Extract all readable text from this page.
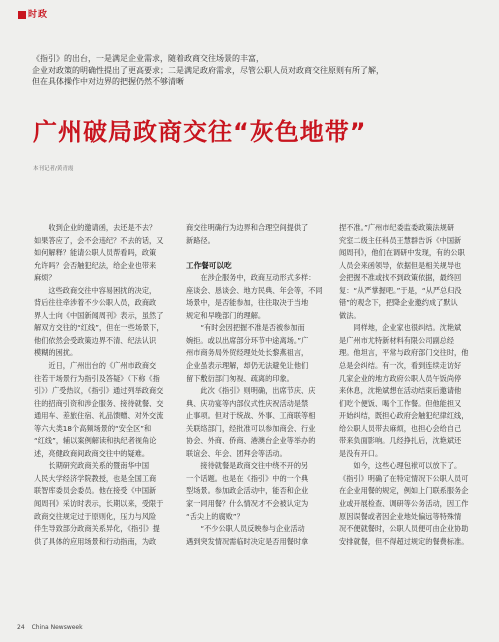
时政
《指引》的出台，一是满足企业需求，随着政商交往场景的丰富，
企业对政策的明确性提出了更高要求；二是满足政府需求，尽管公职人员对政商交往原则有所了解，
但在具体操作中对边界的把握仍然不够清晰
广州破局政商交往“灰色地带”
本刊记者/黄青霞

　　收到企业的邀请函，去还是不去？

如果答应了，会不会违纪？不去的话，又

如何解释？能请公职人员帮看吗，政策

允许吗？会否触犯纪法，给企业也带来

麻烦？

　　这些政商交往中容易困扰的决定，

背后往往牵涉着不少公职人员，政商政

界人士向《中国新闻周刊》表示，虽然了

解双方交往的“红线”，但在一些场景下，

他们依然会受政策边界不清、纪法认识

模糊的困扰。

　　近日，广州出台的《广州市政商交

往若干场景行为指引及答疑》（下称《指

引》）广受热议，《指引》通过列举政商交

往的招商引资和涉企服务、接待就餐、交

通用车、差旅住宿、礼品馈赠、对外交流

等六大类18个高频场景的“安全区”和

“红线”，辅以案例解读和执纪者视角论

述，亮健政商间政商交往中的疑难。

　　长期研究政商关系的暨南华中国

人民大学经济学院教授，也是全国工商

联智库委员会委员。他在接受《中国新

闻周刊》采访时表示，长期以来，受限于

政商交往规定过于原则化，压力与风险

伴生导致部分政商关系异化，《指引》提

供了具体的应用场景和行动指南，为政

商交往明确行为边界和合理空间提供了

新路径。

工作餐可以吃

　　在涉企服务中，政商互动形式多样：

座谈会、恳谈会、地方民典、年会等，不同

场景中，是否能参加，往往取决于当地

规定和早晚部门的理解。

　　“有时会因把握不准是否被参加而

婉拒。或以出席部分环节中途离场。”广

州市商务局外贸经理处处长黎燕祖言，

企业虽表示理解，却仍无法避免让他们

留下敷衍部门匆视、疏离的印象。

　　此次《指引》则明确，出席节庆、庆

典、庆功宴等内部仪式性庆祝活动是禁

止事项。但对于统战、外事、工商联等相

关联络部门，经批准可以参加商会、行业

协会、外商、侨商、港澳台企业等举办的

联谊会、年会、团拜会等活动。

　　接待就餐是政商交往中绕不开的另

一个话题。也是在《指引》中的一个典

型场景。参加政企活动中，能否和企业

家一同用餐？什么情况才不会被认定为

“舌尖上的腐败”？

　　“不少公职人员反映参与企业活动

遇到突发情况需临时决定是否用餐时拿

捏不准。”广州市纪委监委政策法规研

究室二级主任科员王慧群告诉《中国新

闻周刊》，他们在调研中发现，有的公职

人员会来函领导，依据但是相关规导也

会把握不准或找不到政策依据，最终回

复：“从严掌握吧。”于是，“从严总归没

错”的观念下，把降企业邀约成了默认

做法。

　　同样地，企业家也很纠结。沈艳斌

是广州市尤特新材料有限公司副总经

理。他坦言，平常与政府部门交往时，他

总是会纠结。有一次，看到连续走访好

几家企业的地方政府公职人员午饭尚停

来休息，沈艳斌想在活动结束后邀请他

们吃个便饭、喝个工作餐。但他能担又

开始纠结，既担心政府会触犯纪律红线，

给公职人员带去麻烦，也担心会给自己

带来负面影响。几经挣扎后，沈艳斌还

是没有开口。

　　如今，这些心理包袱可以放下了。

《指引》明确了在特定情况下公职人员可

在企业用餐的规定，例如上门联系服务企

业或开展检查、调研等公务活动，因工作

原因误餐或者因企业地处偏远等特殊情

况不便就餐时，公职人员便可由企业协助

安排就餐，但不得超过规定的餐费标准。

24 China Newsweek
